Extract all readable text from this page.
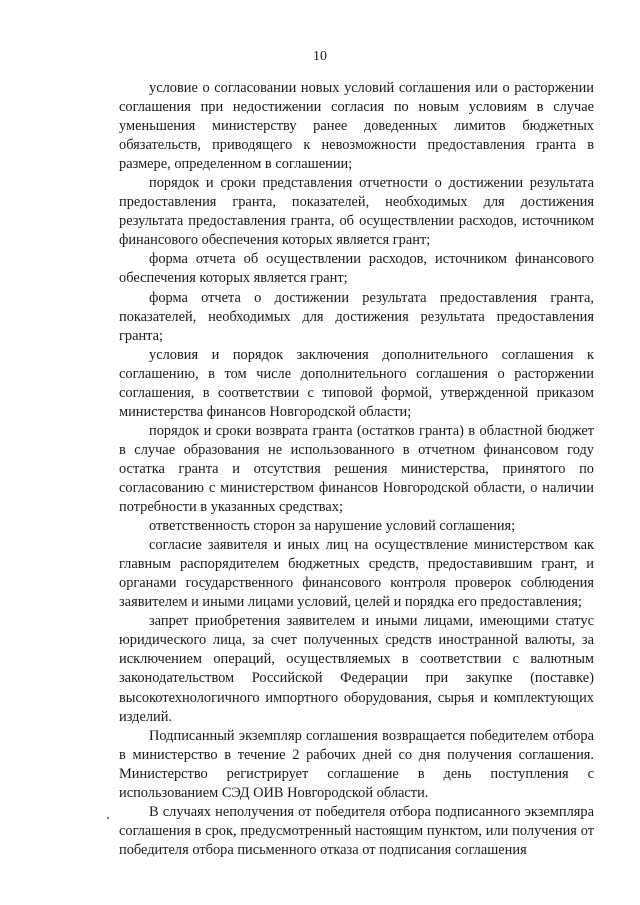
10

условие о согласовании новых условий соглашения или о расторжении соглашения при недостижении согласия по новым условиям в случае уменьшения министерству ранее доведенных лимитов бюджетных обязательств, приводящего к невозможности предоставления гранта в размере, определенном в соглашении;

порядок и сроки представления отчетности о достижении результата предоставления гранта, показателей, необходимых для достижения результата предоставления гранта, об осуществлении расходов, источником финансового обеспечения которых является грант;

форма отчета об осуществлении расходов, источником финансового обеспечения которых является грант;

форма отчета о достижении результата предоставления гранта, показателей, необходимых для достижения результата предоставления гранта;

условия и порядок заключения дополнительного соглашения к соглашению, в том числе дополнительного соглашения о расторжении соглашения, в соответствии с типовой формой, утвержденной приказом министерства финансов Новгородской области;

порядок и сроки возврата гранта (остатков гранта) в областной бюджет в случае образования не использованного в отчетном финансовом году остатка гранта и отсутствия решения министерства, принятого по согласованию с министерством финансов Новгородской области, о наличии потребности в указанных средствах;

ответственность сторон за нарушение условий соглашения;

согласие заявителя и иных лиц на осуществление министерством как главным распорядителем бюджетных средств, предоставившим грант, и органами государственного финансового контроля проверок соблюдения заявителем и иными лицами условий, целей и порядка его предоставления;

запрет приобретения заявителем и иными лицами, имеющими статус юридического лица, за счет полученных средств иностранной валюты, за исключением операций, осуществляемых в соответствии с валютным законодательством Российской Федерации при закупке (поставке) высокотехнологичного импортного оборудования, сырья и комплектующих изделий.

Подписанный экземпляр соглашения возвращается победителем отбора в министерство в течение 2 рабочих дней со дня получения соглашения. Министерство регистрирует соглашение в день поступления с использованием СЭД ОИВ Новгородской области.

В случаях неполучения от победителя отбора подписанного экземпляра соглашения в срок, предусмотренный настоящим пунктом, или получения от победителя отбора письменного отказа от подписания соглашения
